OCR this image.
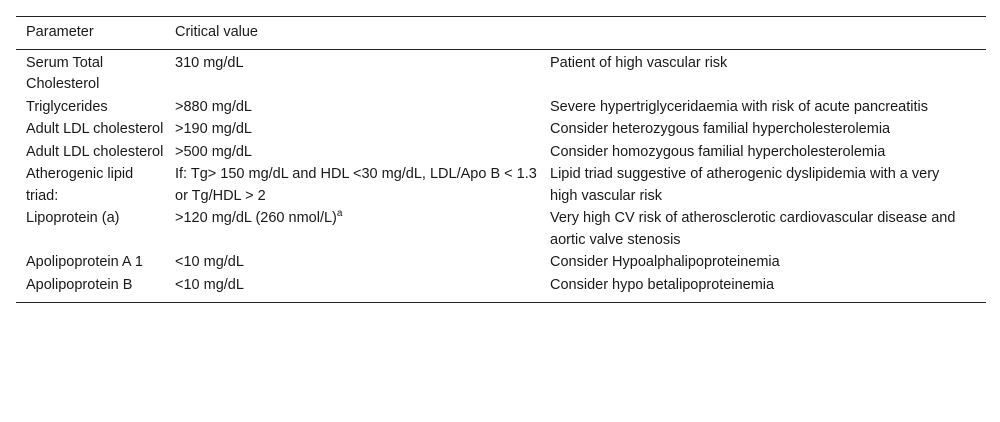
Parameter	Critical value	
Serum Total Cholesterol	310 mg/dL	Patient of high vascular risk
Triglycerides	>880 mg/dL	Severe hypertriglyceridaemia with risk of acute pancreatitis
Adult LDL cholesterol	>190 mg/dL	Consider heterozygous familial hypercholesterolemia
Adult LDL cholesterol	>500 mg/dL	Consider homozygous familial hypercholesterolemia
Atherogenic lipid triad:	If: Tg> 150 mg/dL and HDL <30 mg/dL, LDL/Apo B < 1.3 or Tg/HDL > 2	Lipid triad suggestive of atherogenic dyslipidemia with a very high vascular risk
Lipoprotein (a)	>120 mg/dL (260 nmol/L)$^a$	Very high CV risk of atherosclerotic cardiovascular disease and aortic valve stenosis
Apolipoprotein A 1	<10 mg/dL	Consider Hypoalphalipoproteinemia
Apolipoprotein B	<10 mg/dL	Consider hypo betalipoproteinemia
